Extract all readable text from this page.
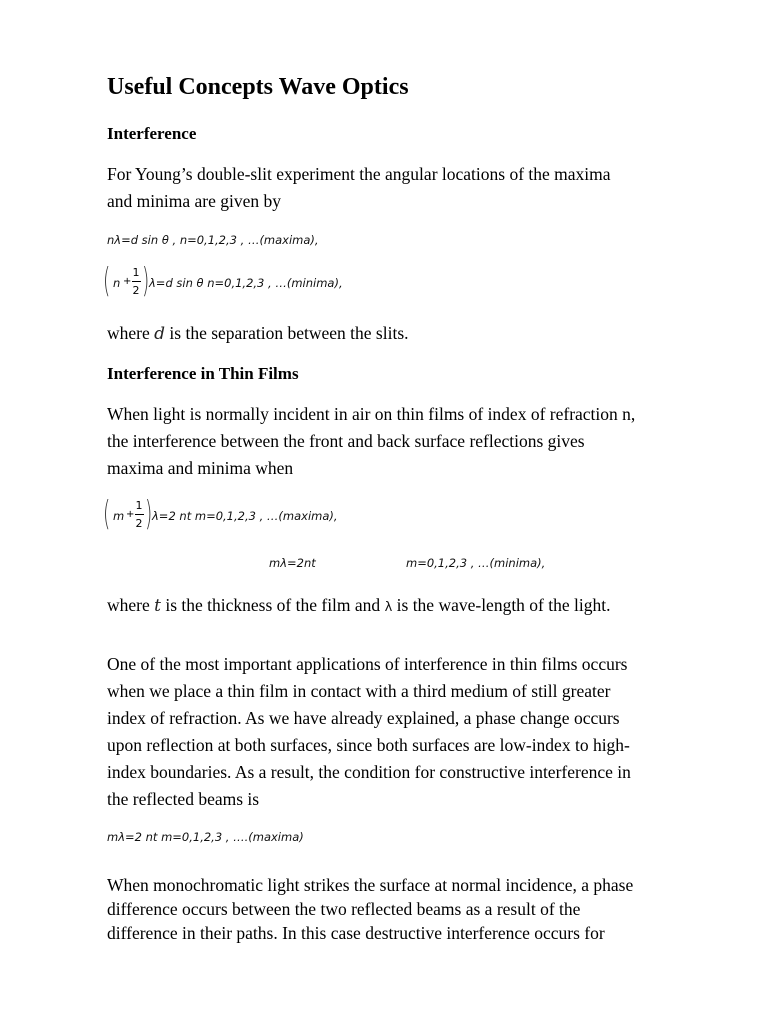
Useful Concepts Wave Optics
Interference
For Young’s double-slit experiment the angular locations of the maxima
and minima are given by
nλ=d sin θ , n=0,1,2,3 , …(maxima),
( n +
1
2 ) λ=d sin θ n=0,1,2,3 , …(minima),
where d is the separation between the slits.
Interference in Thin Films
When light is normally incident in air on thin films of index of refraction n,
the interference between the front and back surface reflections gives
maxima and minima when
( m +
1
2 ) λ=2 nt m=0,1,2,3 , …(maxima),
mλ=2nt	m=0,1,2,3 , …(minima),
where t is the thickness of the film and λ is the wave-length of the light.
One of the most important applications of interference in thin films occurs
when we place a thin film in contact with a third medium of still greater
index of refraction. As we have already explained, a phase change occurs
upon reflection at both surfaces, since both surfaces are low-index to high-
index boundaries. As a result, the condition for constructive interference in
the reflected beams is
mλ=2 nt m=0,1,2,3 , ….(maxima)
When monochromatic light strikes the surface at normal incidence, a phase
difference occurs between the two reflected beams as a result of the
difference in their paths. In this case destructive interference occurs for
